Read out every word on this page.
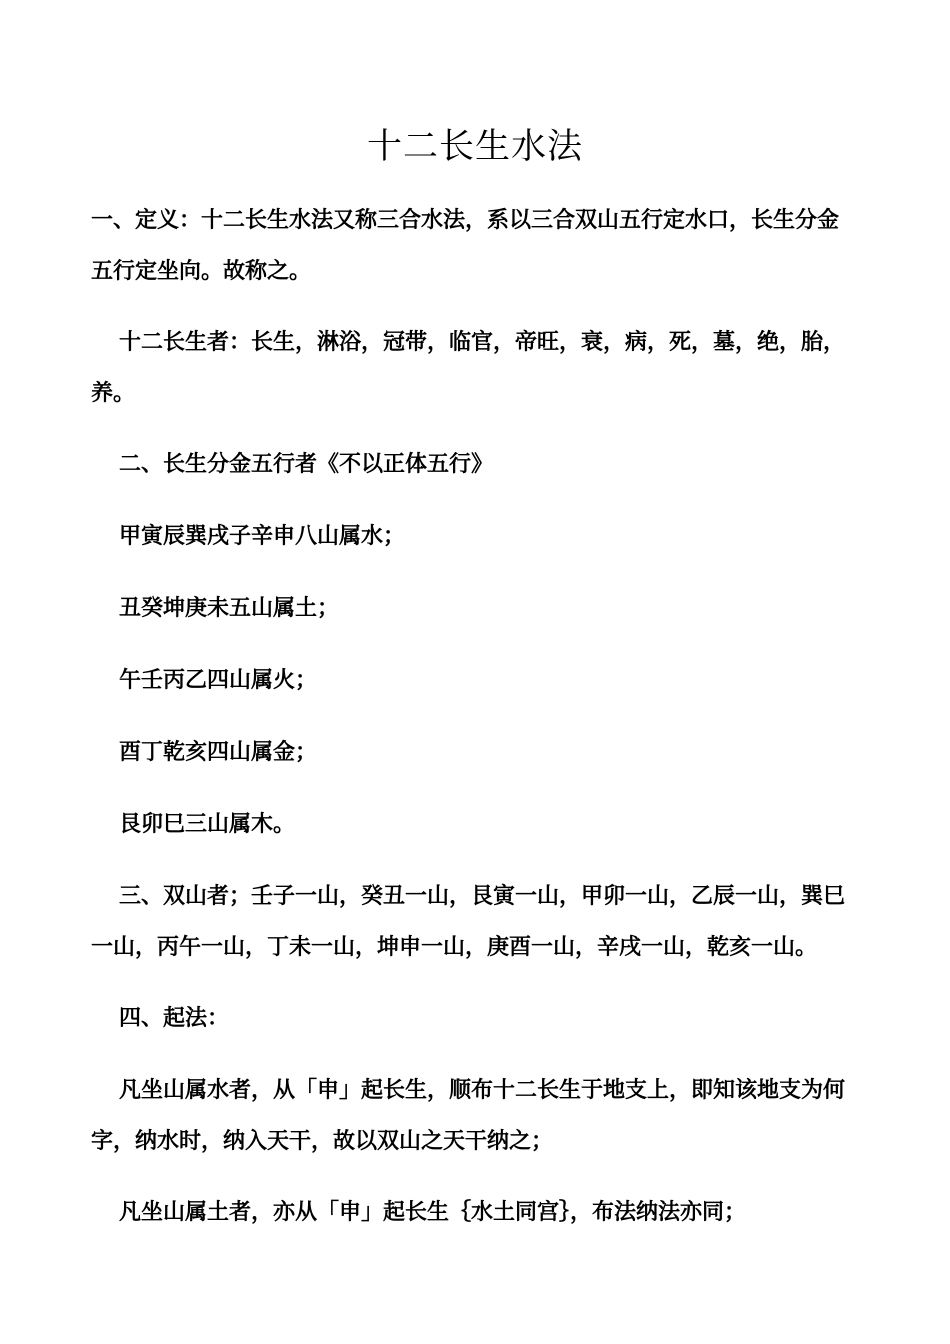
十二长生水法
一、定义：十二长生水法又称三合水法，系以三合双山五行定水口，长生分金
五行定坐向。故称之。
十二长生者：长生，淋浴，冠带，临官，帝旺，衰，病，死，墓，绝，胎，
养。
二、长生分金五行者《不以正体五行》
甲寅辰巽戌子辛申八山属水；
丑癸坤庚未五山属土；
午壬丙乙四山属火；
酉丁乾亥四山属金；
艮卯巳三山属木。
三、双山者；壬子一山，癸丑一山，艮寅一山，甲卯一山，乙辰一山，巽巳
一山，丙午一山，丁未一山，坤申一山，庚酉一山，辛戌一山，乾亥一山。
四、起法：
凡坐山属水者，从「申」起长生，顺布十二长生于地支上，即知该地支为何
字，纳水时，纳入天干，故以双山之天干纳之；
凡坐山属土者，亦从「申」起长生｛水土同宫｝，布法纳法亦同；
